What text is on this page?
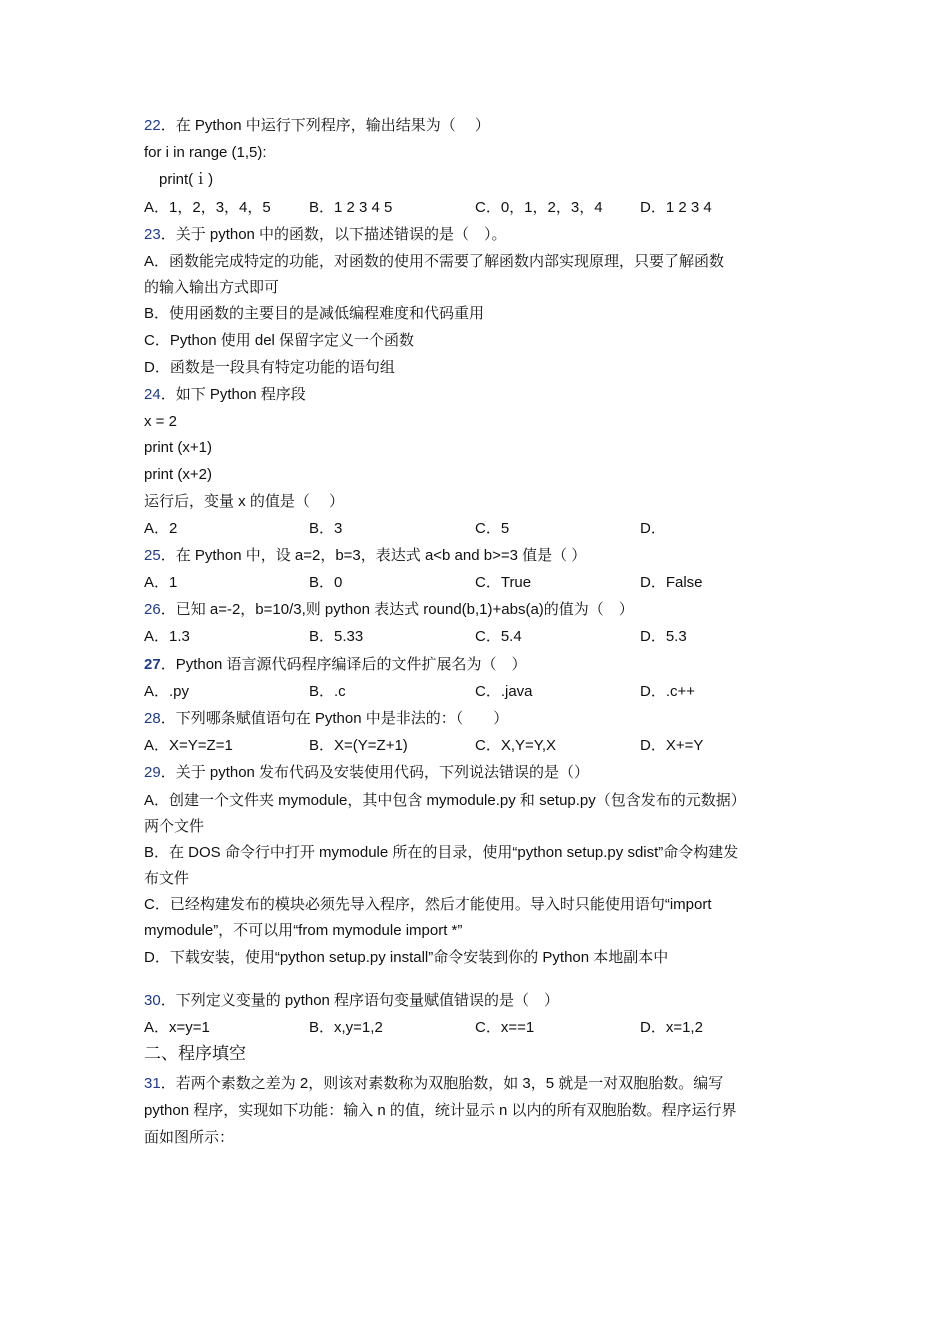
22．在 Python 中运行下列程序，输出结果为（　 ）
for i in range (1,5):
print(ｉ)
A．1，2，3，4，5	B．1 2 3 4 5	C．0，1，2，3，4 D．1 2 3 4
23．关于 python 中的函数，以下描述错误的是（　）。
A．函数能完成特定的功能，对函数的使用不需要了解函数内部实现原理，只要了解函数
的输入输出方式即可
B．使用函数的主要目的是减低编程难度和代码重用
C．Python 使用 del 保留字定义一个函数
D．函数是一段具有特定功能的语句组
24．如下 Python 程序段
x = 2
print (x+1)
print (x+2)
运行后，变量 x 的值是（　 ）
A．2	B．3	C．5	D．
25．在 Python 中，设 a=2，b=3，表达式 a<b and b>=3 值是（ ）
A．1	B．0	C．True	D．False
26．已知 a=-2，b=10/3,则 python 表达式 round(b,1)+abs(a)的值为（　）
A．1.3	B．5.33	C．5.4	D．5.3
27．Python 语言源代码程序编译后的文件扩展名为（　）
A．.py	B．.c	C．.java	D．.c++
28．下列哪条赋值语句在 Python 中是非法的：（　　）
A．X=Y=Z=1	B．X=(Y=Z+1)	C．X,Y=Y,X	D．X+=Y
29．关于 python 发布代码及安装使用代码，下列说法错误的是（）
A．创建一个文件夹 mymodule，其中包含 mymodule.py 和 setup.py（包含发布的元数据）
两个文件
B．在 DOS 命令行中打开 mymodule 所在的目录，使用“python setup.py sdist”命令构建发
布文件
C．已经构建发布的模块必须先导入程序，然后才能使用。导入时只能使用语句“import
mymodule”，不可以用“from mymodule import *”
D．下载安装，使用“python setup.py install”命令安装到你的 Python 本地副本中
30．下列定义变量的 python 程序语句变量赋值错误的是（　）
A．x=y=1	B．x,y=1,2	C．x==1	D．x=1,2
二、程序填空
31．若两个素数之差为 2，则该对素数称为双胞胎数，如 3，5 就是一对双胞胎数。编写
python 程序，实现如下功能：输入 n 的值，统计显示 n 以内的所有双胞胎数。程序运行界
面如图所示：
